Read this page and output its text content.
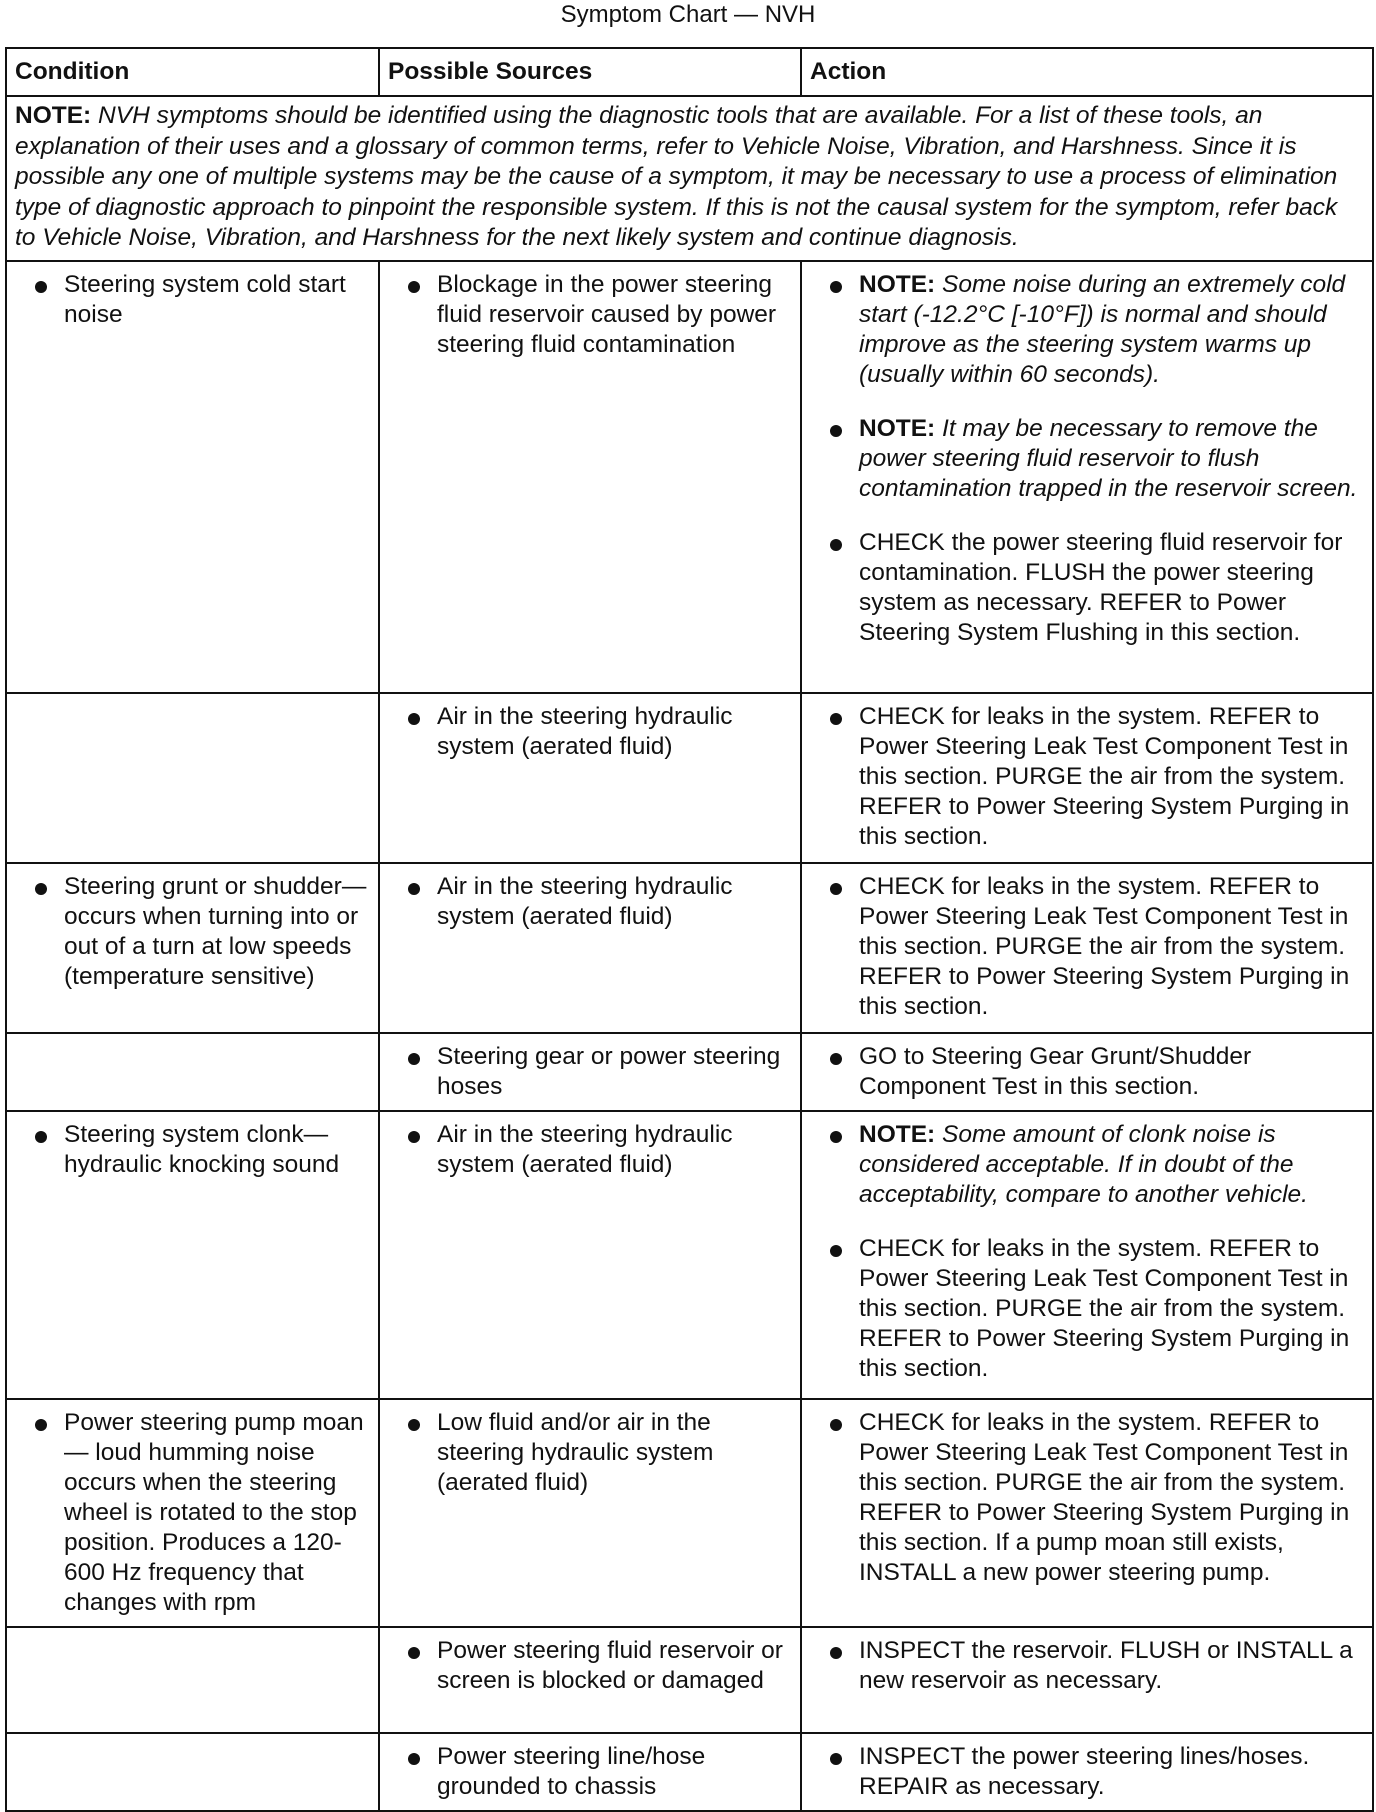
Symptom Chart — NVH
Condition	Possible Sources	Action
NOTE: NVH symptoms should be identified using the diagnostic tools that are available. For a list of these tools, an explanation of their uses and a glossary of common terms, refer to Vehicle Noise, Vibration, and Harshness. Since it is possible any one of multiple systems may be the cause of a symptom, it may be necessary to use a process of elimination type of diagnostic approach to pinpoint the responsible system. If this is not the causal system for the symptom, refer back to Vehicle Noise, Vibration, and Harshness for the next likely system and continue diagnosis.		

Steering system cold start noise	Blockage in the power steering fluid reservoir caused by power steering fluid contamination	NOTE: Some noise during an extremely cold start (-12.2°C [-10°F]) is normal and should improve as the steering system warms up (usually within 60 seconds).
NOTE: It may be necessary to remove the power steering fluid reservoir to flush contamination trapped in the reservoir screen.
CHECK the power steering fluid reservoir for contamination. FLUSH the power steering system as necessary. REFER to Power Steering System Flushing in this section.

	Air in the steering hydraulic system (aerated fluid)	CHECK for leaks in the system. REFER to Power Steering Leak Test Component Test in this section. PURGE the air from the system. REFER to Power Steering System Purging in this section.

Steering grunt or shudder— occurs when turning into or out of a turn at low speeds (temperature sensitive)	Air in the steering hydraulic system (aerated fluid)	CHECK for leaks in the system. REFER to Power Steering Leak Test Component Test in this section. PURGE the air from the system. REFER to Power Steering System Purging in this section.

	Steering gear or power steering hoses	GO to Steering Gear Grunt/Shudder Component Test in this section.

Steering system clonk— hydraulic knocking sound	Air in the steering hydraulic system (aerated fluid)	NOTE: Some amount of clonk noise is considered acceptable. If in doubt of the acceptability, compare to another vehicle.
CHECK for leaks in the system. REFER to Power Steering Leak Test Component Test in this section. PURGE the air from the system. REFER to Power Steering System Purging in this section.

Power steering pump moan— loud humming noise occurs when the steering wheel is rotated to the stop position. Produces a 120-600 Hz frequency that changes with rpm	Low fluid and/or air in the steering hydraulic system (aerated fluid)	CHECK for leaks in the system. REFER to Power Steering Leak Test Component Test in this section. PURGE the air from the system. REFER to Power Steering System Purging in this section. If a pump moan still exists, INSTALL a new power steering pump.

	Power steering fluid reservoir or screen is blocked or damaged	INSPECT the reservoir. FLUSH or INSTALL a new reservoir as necessary.

	Power steering line/hose grounded to chassis	INSPECT the power steering lines/hoses. REPAIR as necessary.
